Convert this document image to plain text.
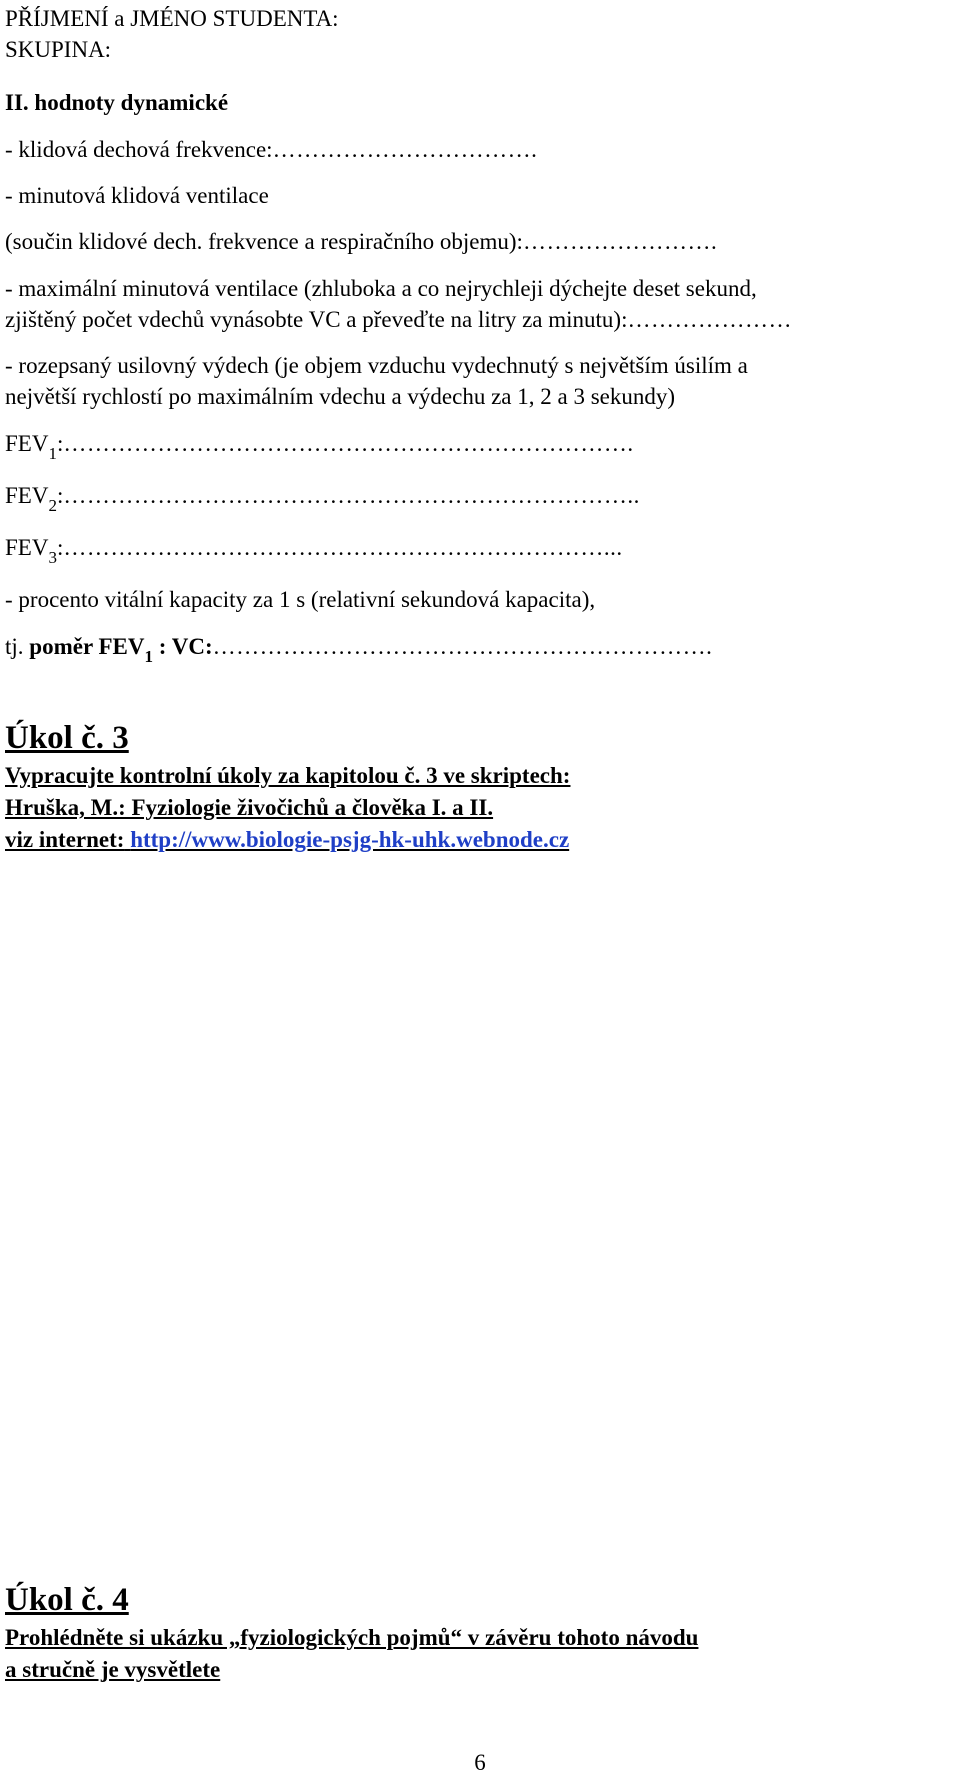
PŘÍJMENÍ a JMÉNO STUDENTA:
SKUPINA:
II. hodnoty dynamické
- klidová dechová frekvence:…………………………….
- minutová klidová ventilace
(součin klidové dech. frekvence a respiračního objemu):…………………….
- maximální minutová ventilace (zhluboka a co nejrychleji dýchejte deset sekund,
zjištěný počet vdechů vynásobte VC a převeďte na litry za minutu):…………………
- rozepsaný usilovný výdech (je objem vzduchu vydechnutý s největším úsilím a
největší rychlostí po maximálním vdechu a výdechu za 1, 2 a 3 sekundy)
$FEV_1:\dots\dots\dots\dots\dots\dots\dots\dots\dots\dots\dots\dots\dots\dots\dots\dots\dots\dots\dots\dots\dots\dots\dots\dots$.
$FEV_2:\dots\dots\dots\dots\dots\dots\dots\dots\dots\dots\dots\dots\dots\dots\dots\dots\dots\dots\dots\dots\dots\dots\dots\dots$..
$FEV_3:\dots\dots\dots\dots\dots\dots\dots\dots\dots\dots\dots\dots\dots\dots\dots\dots\dots\dots\dots\dots\dots\dots\dots$...
- procento vitální kapacity za 1 s (relativní sekundová kapacita),
tj. poměr $FEV_1$ : VC:……………………………………………………….
Úkol č. 3
Vypracujte kontrolní úkoly za kapitolou č. 3 ve skriptech:
Hruška, M.: Fyziologie živočichů a člověka I. a II.
viz internet: http://www.biologie-psjg-hk-uhk.webnode.cz
Úkol č. 4
Prohlédněte si ukázku „fyziologických pojmů“ v závěru tohoto návodu
a stručně je vysvětlete
6
